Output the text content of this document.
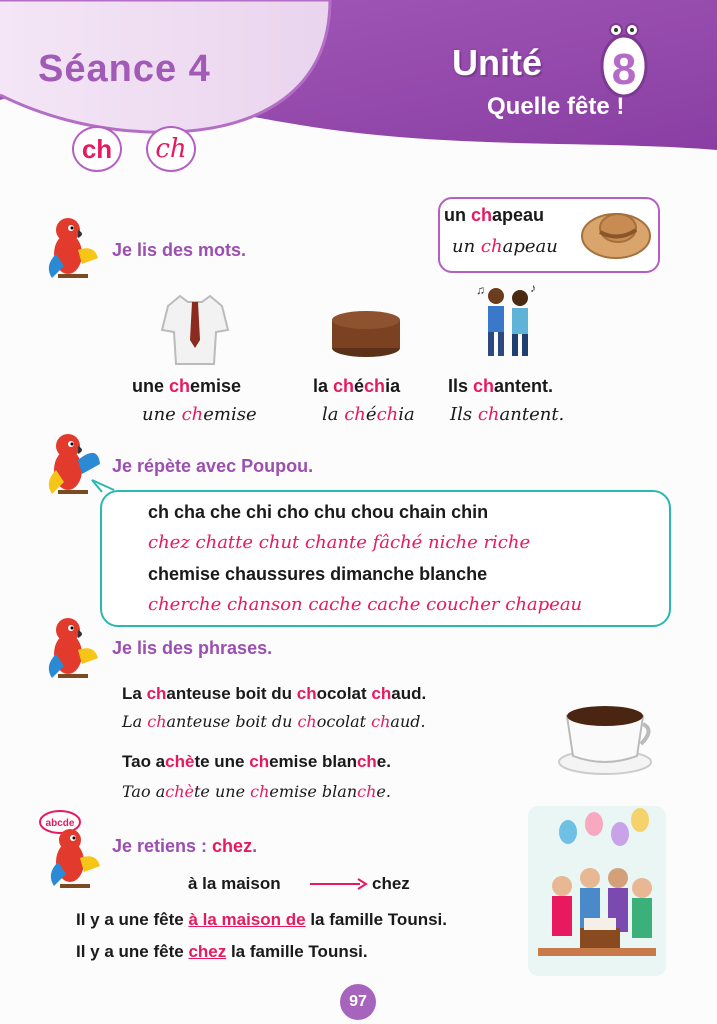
Séance 4
ch ch
Unité 8
Quelle fête !
un chapeau
un chapeau
Je lis des mots.
♪
♫
une chemise
une chemise
la chéchia
la chéchia
Ils chantent.
Ils chantent.
Je répète avec Poupou.
ch cha che chi cho chu chou chain chin
chez chatte chut chante fâché niche riche
chemise chaussures dimanche blanche
cherche chanson cache cache coucher chapeau
Je lis des phrases.
La chanteuse boit du chocolat chaud.
La chanteuse boit du chocolat chaud.
Tao achète une chemise blanche.
Tao achète une chemise blanche.
abcde
Je retiens : chez.
à la maison	chez
Il y a une fête à la maison de la famille Tounsi.
Il y a une fête chez la famille Tounsi.
97
